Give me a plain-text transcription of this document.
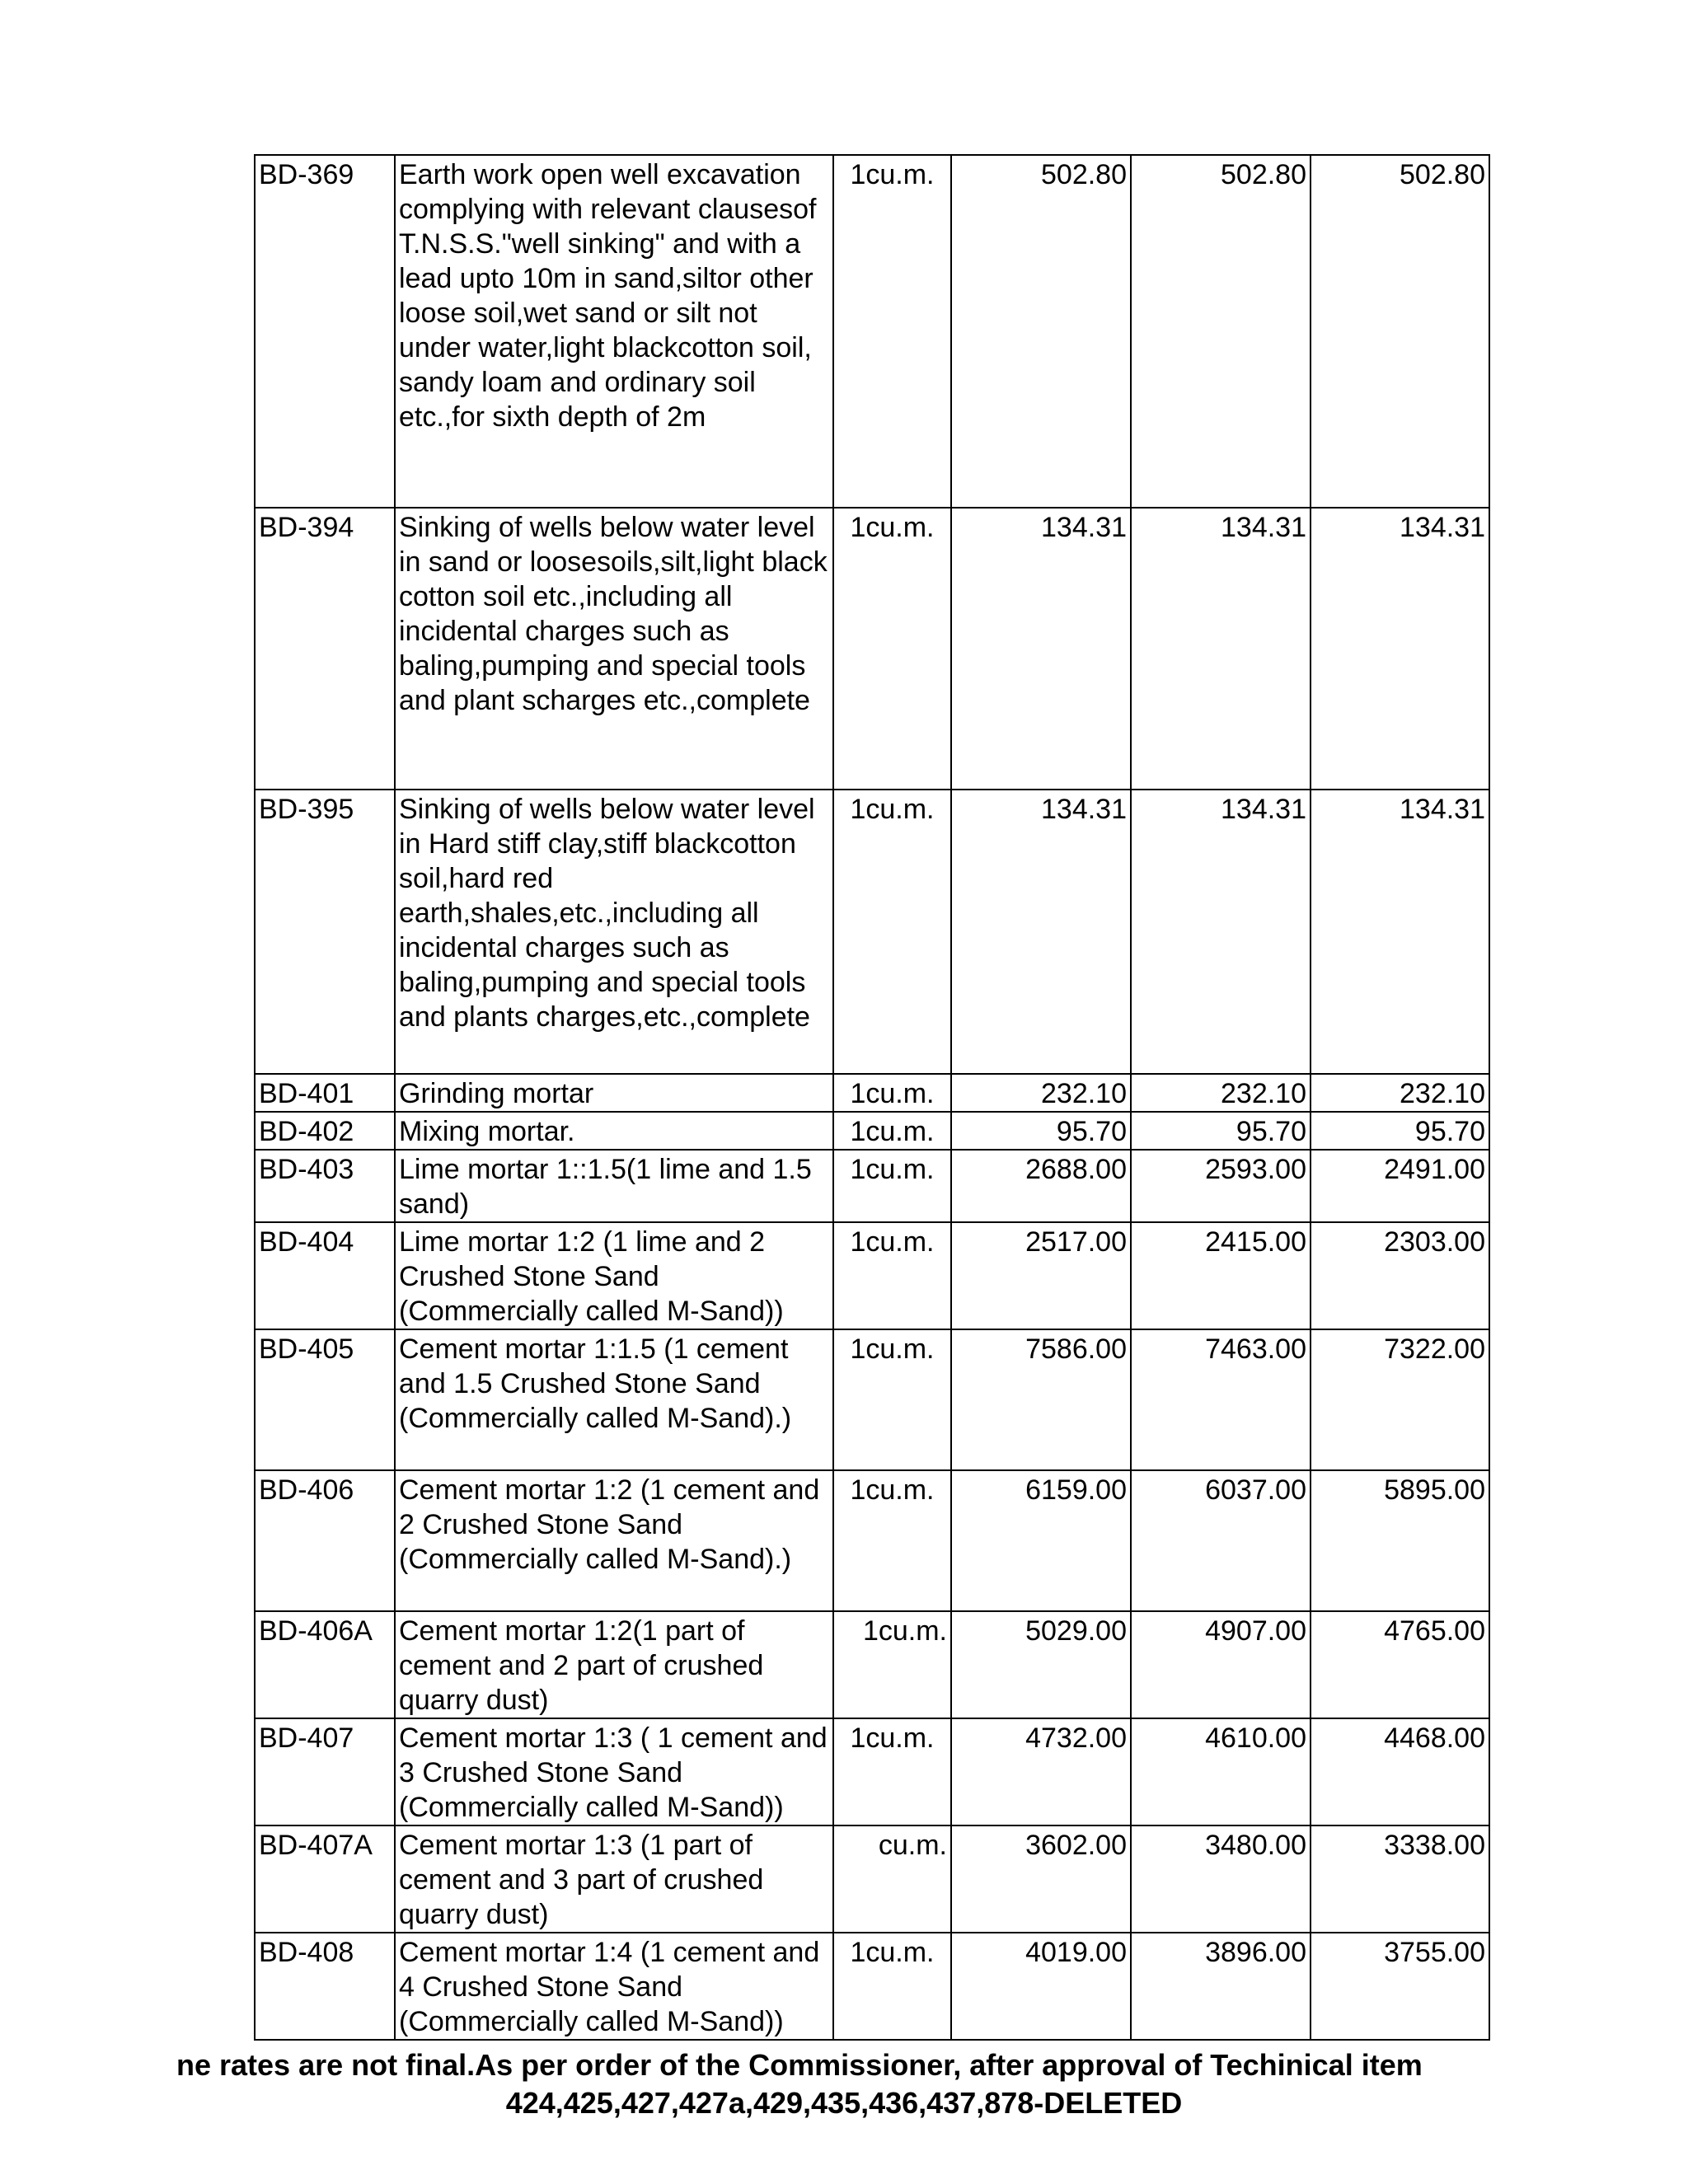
BD-369	Earth work open well excavation complying with relevant clausesof T.N.S.S."well sinking" and with a lead upto 10m in sand,siltor other loose soil,wet sand or silt not under water,light blackcotton soil, sandy loam and ordinary soil etc.,for sixth depth of 2m	1cu.m.	502.80	502.80	502.80
BD-394	Sinking of wells below water level in sand or loosesoils,silt,light black cotton soil etc.,including all incidental charges such as baling,pumping and special tools and plant scharges etc.,complete	1cu.m.	134.31	134.31	134.31
BD-395	Sinking of wells below water level in Hard stiff clay,stiff blackcotton soil,hard red earth,shales,etc.,including all incidental charges such as baling,pumping and special tools and plants charges,etc.,complete	1cu.m.	134.31	134.31	134.31
BD-401	Grinding mortar	1cu.m.	232.10	232.10	232.10
BD-402	Mixing mortar.	1cu.m.	95.70	95.70	95.70
BD-403	Lime mortar 1::1.5(1 lime and 1.5 sand)	1cu.m.	2688.00	2593.00	2491.00
BD-404	Lime mortar 1:2 (1 lime and 2 Crushed Stone Sand (Commercially called M-Sand))	1cu.m.	2517.00	2415.00	2303.00
BD-405	Cement mortar 1:1.5 (1 cement and 1.5 Crushed Stone Sand (Commercially called M-Sand).)	1cu.m.	7586.00	7463.00	7322.00
BD-406	Cement mortar 1:2 (1 cement and 2 Crushed Stone Sand (Commercially called M-Sand).)	1cu.m.	6159.00	6037.00	5895.00
BD-406A	Cement mortar 1:2(1 part of cement and 2 part of crushed quarry dust)	1cu.m.	5029.00	4907.00	4765.00
BD-407	Cement mortar 1:3 ( 1 cement and 3 Crushed Stone Sand (Commercially called M-Sand))	1cu.m.	4732.00	4610.00	4468.00
BD-407A	Cement mortar 1:3 (1 part of cement and 3 part of crushed quarry dust)	cu.m.	3602.00	3480.00	3338.00
BD-408	Cement mortar 1:4 (1 cement and 4 Crushed Stone Sand (Commercially called M-Sand))	1cu.m.	4019.00	3896.00	3755.00
ne rates are not final.As per order of the Commissioner, after approval of Techinical item
424,425,427,427a,429,435,436,437,878-DELETED
